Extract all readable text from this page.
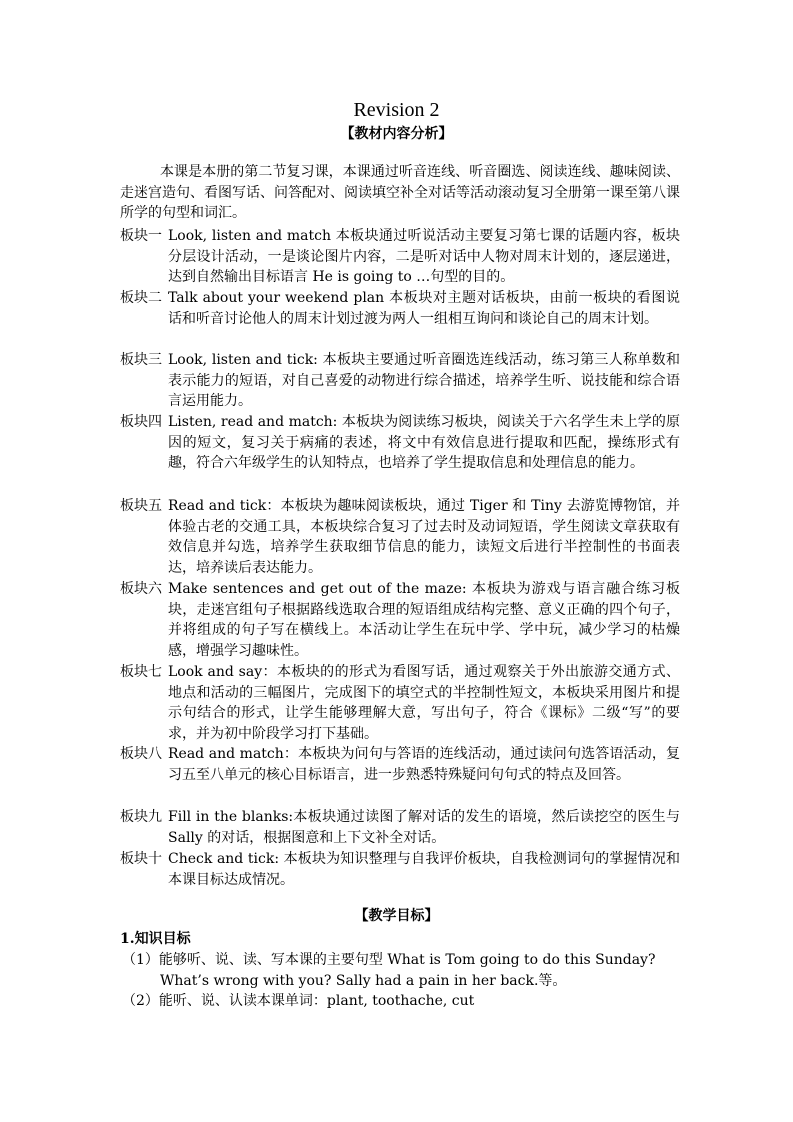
Revision 2
【教材内容分析】
本课是本册的第二节复习课，本课通过听音连线、听音圈选、阅读连线、趣味阅读、走迷宫造句、看图写话、问答配对、阅读填空补全对话等活动滚动复习全册第一课至第八课所学的句型和词汇。
板块一 Look, listen and match 本板块通过听说活动主要复习第七课的话题内容，板块分层设计活动，一是谈论图片内容，二是听对话中人物对周末计划的，逐层递进，达到自然输出目标语言 He is going to …句型的目的。
板块二 Talk about your weekend plan 本板块对主题对话板块，由前一板块的看图说话和听音讨论他人的周末计划过渡为两人一组相互询问和谈论自己的周末计划。
板块三 Look, listen and tick: 本板块主要通过听音圈选连线活动，练习第三人称单数和表示能力的短语，对自己喜爱的动物进行综合描述，培养学生听、说技能和综合语言运用能力。
板块四 Listen, read and match: 本板块为阅读练习板块，阅读关于六名学生未上学的原因的短文，复习关于病痛的表述，将文中有效信息进行提取和匹配，操练形式有趣，符合六年级学生的认知特点，也培养了学生提取信息和处理信息的能力。
板块五 Read and tick：本板块为趣味阅读板块，通过 Tiger 和 Tiny 去游览博物馆，并体验古老的交通工具，本板块综合复习了过去时及动词短语，学生阅读文章获取有效信息并勾选，培养学生获取细节信息的能力，读短文后进行半控制性的书面表达，培养读后表达能力。
板块六 Make sentences and get out of the maze: 本板块为游戏与语言融合练习板块，走迷宫组句子根据路线选取合理的短语组成结构完整、意义正确的四个句子，并将组成的句子写在横线上。本活动让学生在玩中学、学中玩，减少学习的枯燥感，增强学习趣味性。
板块七 Look and say：本板块的的形式为看图写话，通过观察关于外出旅游交通方式、地点和活动的三幅图片，完成图下的填空式的半控制性短文，本板块采用图片和提示句结合的形式，让学生能够理解大意，写出句子，符合《课标》二级“写”的要求，并为初中阶段学习打下基础。
板块八 Read and match：本板块为问句与答语的连线活动，通过读问句选答语活动，复习五至八单元的核心目标语言，进一步熟悉特殊疑问句句式的特点及回答。
板块九 Fill in the blanks:本板块通过读图了解对话的发生的语境，然后读挖空的医生与 Sally 的对话，根据图意和上下文补全对话。
板块十 Check and tick: 本板块为知识整理与自我评价板块，自我检测词句的掌握情况和本课目标达成情况。
【教学目标】
1.知识目标
（1）能够听、说、读、写本课的主要句型 What is Tom going to do this Sunday? What’s wrong with you? Sally had a pain in her back.等。
（2）能听、说、认读本课单词：plant, toothache, cut
